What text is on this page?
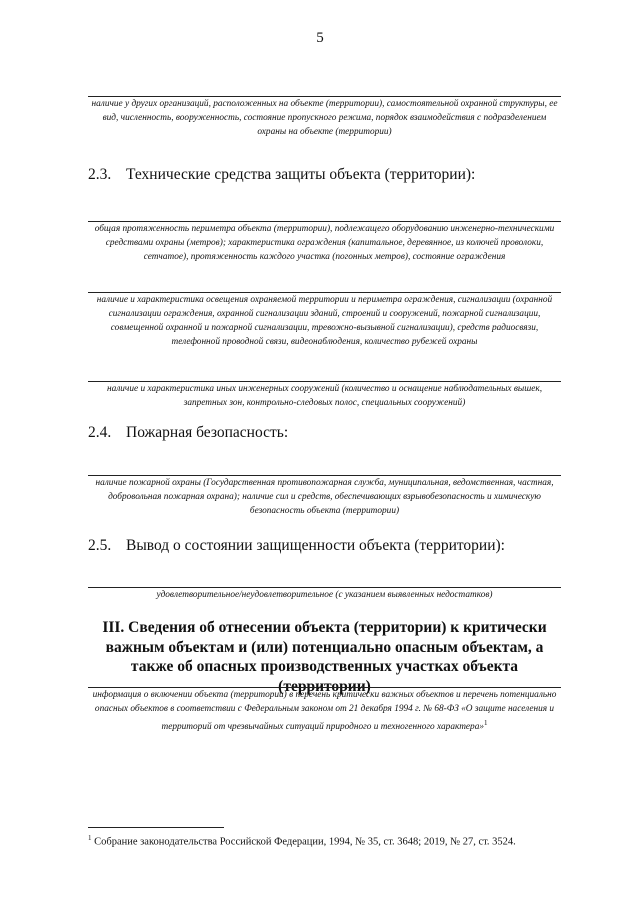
5
наличие у других организаций, расположенных на объекте (территории), самостоятельной охранной структуры, ее вид, численность, вооруженность, состояние пропускного режима, порядок взаимодействия с подразделением охраны на объекте (территории)
2.3. Технические средства защиты объекта (территории):
общая протяженность периметра объекта (территории), подлежащего оборудованию инженерно-техническими средствами охраны (метров); характеристика ограждения (капитальное, деревянное, из колючей проволоки, сетчатое), протяженность каждого участка (погонных метров), состояние ограждения
наличие и характеристика освещения охраняемой территории и периметра ограждения, сигнализации (охранной сигнализации ограждения, охранной сигнализации зданий, строений и сооружений, пожарной сигнализации, совмещенной охранной и пожарной сигнализации, тревожно-вызывной сигнализации), средств радиосвязи, телефонной проводной связи, видеонаблюдения, количество рубежей охраны
наличие и характеристика иных инженерных сооружений (количество и оснащение наблюдательных вышек, запретных зон, контрольно-следовых полос, специальных сооружений)
2.4. Пожарная безопасность:
наличие пожарной охраны (Государственная противопожарная служба, муниципальная, ведомственная, частная, добровольная пожарная охрана); наличие сил и средств, обеспечивающих взрывобезопасность и химическую безопасность объекта (территории)
2.5. Вывод о состоянии защищенности объекта (территории):
удовлетворительное/неудовлетворительное (с указанием выявленных недостатков)
III. Сведения об отнесении объекта (территории) к критически важным объектам и (или) потенциально опасным объектам, а также об опасных производственных участках объекта (территории)
информация о включении объекта (территории) в перечень критически важных объектов и перечень потенциально опасных объектов в соответствии с Федеральным законом от 21 декабря 1994 г. № 68-ФЗ «О защите населения и территорий от чрезвычайных ситуаций природного и техногенного характера»$^1$
$^1$ Собрание законодательства Российской Федерации, 1994, № 35, ст. 3648; 2019, № 27, ст. 3524.
